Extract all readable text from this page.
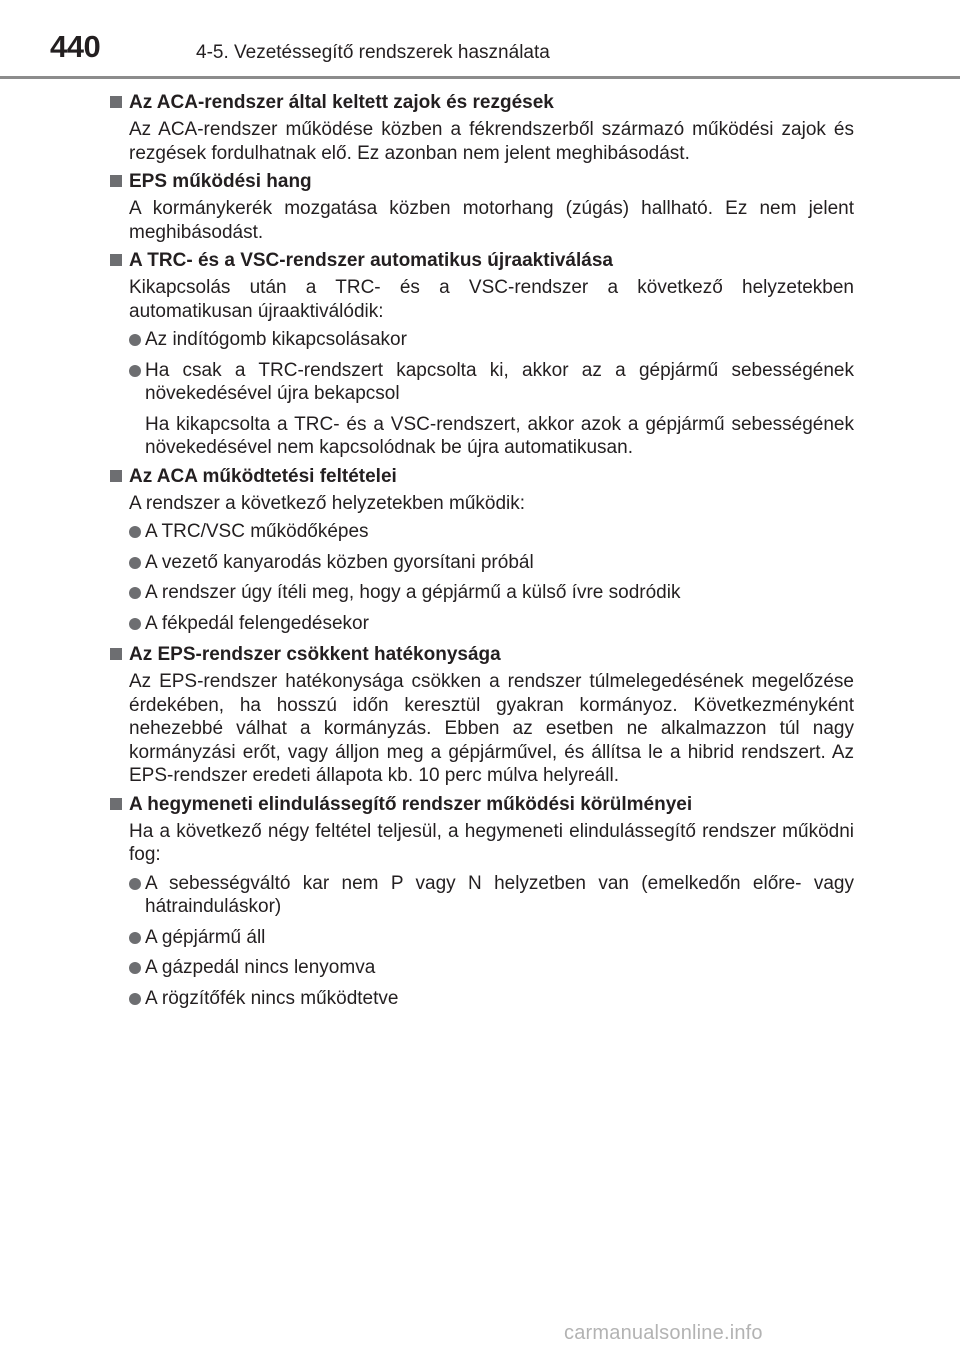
440	4-5. Vezetéssegítő rendszerek használata
Az ACA-rendszer által keltett zajok és rezgések
Az ACA-rendszer működése közben a fékrendszerből származó működési zajok és rezgések fordulhatnak elő. Ez azonban nem jelent meghibásodást.
EPS működési hang
A kormánykerék mozgatása közben motorhang (zúgás) hallható. Ez nem jelent meghibásodást.
A TRC- és a VSC-rendszer automatikus újraaktiválása
Kikapcsolás után a TRC- és a VSC-rendszer a következő helyzetekben automatikusan újraaktiválódik:
Az indítógomb kikapcsolásakor
Ha csak a TRC-rendszert kapcsolta ki, akkor az a gépjármű sebességének növekedésével újra bekapcsol
Ha kikapcsolta a TRC- és a VSC-rendszert, akkor azok a gépjármű sebességének növekedésével nem kapcsolódnak be újra automatikusan.
Az ACA működtetési feltételei
A rendszer a következő helyzetekben működik:
A TRC/VSC működőképes
A vezető kanyarodás közben gyorsítani próbál
A rendszer úgy ítéli meg, hogy a gépjármű a külső ívre sodródik
A fékpedál felengedésekor
Az EPS-rendszer csökkent hatékonysága
Az EPS-rendszer hatékonysága csökken a rendszer túlmelegedésének megelőzése érdekében, ha hosszú időn keresztül gyakran kormányoz. Következményként nehezebbé válhat a kormányzás. Ebben az esetben ne alkalmazzon túl nagy kormányzási erőt, vagy álljon meg a gépjárművel, és állítsa le a hibrid rendszert. Az EPS-rendszer eredeti állapota kb. 10 perc múlva helyreáll.
A hegymeneti elindulássegítő rendszer működési körülményei
Ha a következő négy feltétel teljesül, a hegymeneti elindulássegítő rendszer működni fog:
A sebességváltó kar nem P vagy N helyzetben van (emelkedőn előre- vagy hátrainduláskor)
A gépjármű áll
A gázpedál nincs lenyomva
A rögzítőfék nincs működtetve
carmanualsonline.info
